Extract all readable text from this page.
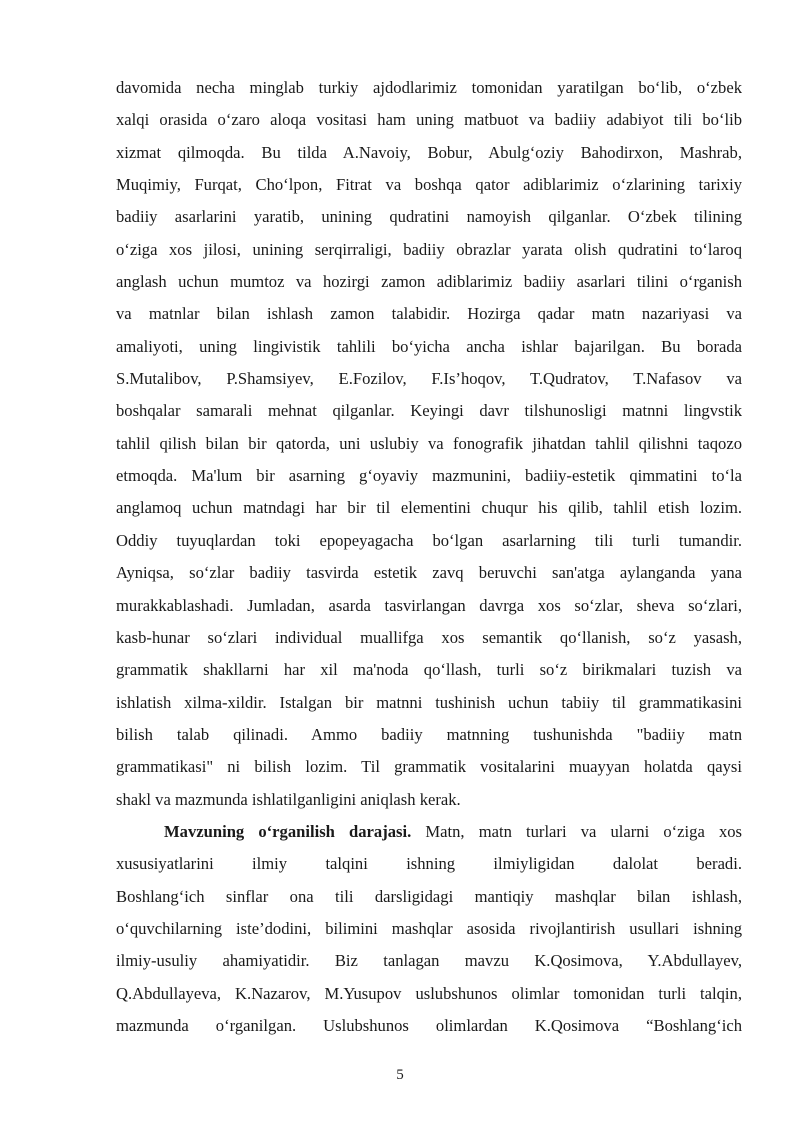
davomida necha minglab turkiy ajdodlarimiz tomonidan yaratilgan bo‘lib, o‘zbek
xalqi orasida o‘zaro aloqa vositasi ham uning matbuot va badiiy adabiyot tili bo‘lib
xizmat qilmoqda. Bu tilda A.Navoiy, Bobur, Abulg‘oziy Bahodirxon, Mashrab,
Muqimiy, Furqat, Cho‘lpon, Fitrat va boshqa qator adiblarimiz o‘zlarining tarixiy
badiiy asarlarini yaratib, unining qudratini namoyish qilganlar. O‘zbek tilining
o‘ziga xos jilosi, unining serqirraligi, badiiy obrazlar yarata olish qudratini to‘laroq
anglash uchun mumtoz va hozirgi zamon adiblarimiz badiiy asarlari tilini o‘rganish
va matnlar bilan ishlash zamon talabidir. Hozirga qadar matn nazariyasi va
amaliyoti, uning lingivistik tahlili bo‘yicha ancha ishlar bajarilgan. Bu borada
S.Mutalibov, P.Shamsiyev, E.Fozilov, F.Is’hoqov, T.Qudratov, T.Nafasov va
boshqalar samarali mehnat qilganlar. Keyingi davr tilshunosligi matnni lingvstik
tahlil qilish bilan bir qatorda, uni uslubiy va fonografik jihatdan tahlil qilishni taqozo
etmoqda. Ma'lum bir asarning g‘oyaviy mazmunini, badiiy-estetik qimmatini to‘la
anglamoq uchun matndagi har bir til elementini chuqur his qilib, tahlil etish lozim.
Oddiy tuyuqlardan toki epopeyagacha bo‘lgan asarlarning tili turli tumandir.
Ayniqsa, so‘zlar badiiy tasvirda estetik zavq beruvchi san'atga aylanganda yana
murakkablashadi. Jumladan, asarda tasvirlangan davrga xos so‘zlar, sheva so‘zlari,
kasb-hunar so‘zlari individual muallifga xos semantik qo‘llanish, so‘z yasash,
grammatik shakllarni har xil ma'noda qo‘llash, turli so‘z birikmalari tuzish va
ishlatish xilma-xildir. Istalgan bir matnni tushinish uchun tabiiy til grammatikasini
bilish talab qilinadi. Ammo badiiy matnning tushunishda "badiiy matn
grammatikasi" ni bilish lozim. Til grammatik vositalarini muayyan holatda qaysi
shakl va mazmunda ishlatilganligini aniqlash kerak.
Mavzuning o‘rganilish darajasi. Matn, matn turlari va ularni o‘ziga xos
xususiyatlarini ilmiy talqini ishning ilmiyligidan dalolat beradi.
Boshlang‘ich sinflar ona tili darsligidagi mantiqiy mashqlar bilan ishlash,
o‘quvchilarning iste’dodini, bilimini mashqlar asosida rivojlantirish usullari ishning
ilmiy-usuliy ahamiyatidir. Biz tanlagan mavzu K.Qosimova, Y.Abdullayev,
Q.Abdullayeva, K.Nazarov, M.Yusupov uslubshunos olimlar tomonidan turli talqin,
mazmunda o‘rganilgan. Uslubshunos olimlardan K.Qosimova “Boshlang‘ich
5
